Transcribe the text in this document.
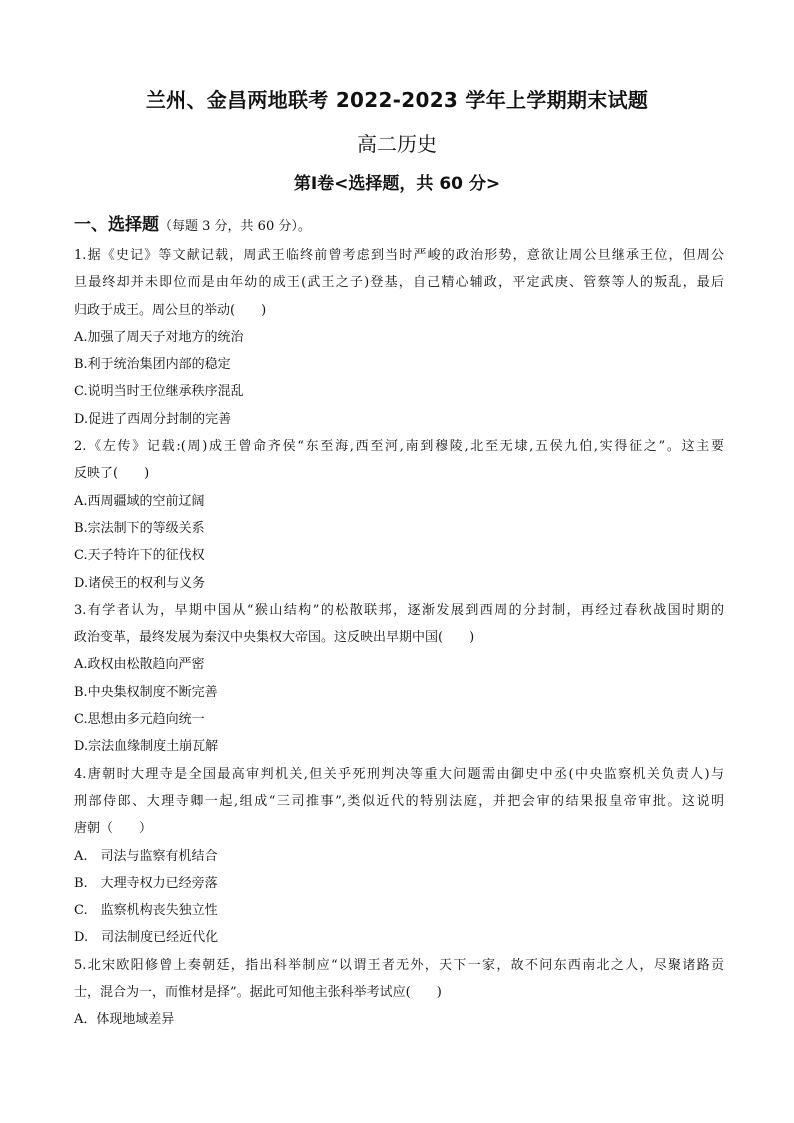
兰州、金昌两地联考 2022-2023 学年上学期期末试题
高二历史
第Ⅰ卷<选择题，共 60 分>
一、选择题（每题 3 分，共 60 分）。
1.据《史记》等文献记载，周武王临终前曾考虑到当时严峻的政治形势，意欲让周公旦继承王位，但周公
旦最终却并未即位而是由年幼的成王(武王之子)登基，自己精心辅政，平定武庚、管蔡等人的叛乱，最后
归政于成王。周公旦的举动(　　)
A.加强了周天子对地方的统治
B.利于统治集团内部的稳定
C.说明当时王位继承秩序混乱
D.促进了西周分封制的完善
2.《左传》记载:(周)成王曾命齐侯“东至海,西至河,南到穆陵,北至无埭,五侯九伯,实得征之”。这主要
反映了(　　)
A.西周疆域的空前辽阔
B.宗法制下的等级关系
C.天子特许下的征伐权
D.诸侯王的权利与义务
3.有学者认为，早期中国从“猴山结构”的松散联邦，逐渐发展到西周的分封制，再经过春秋战国时期的
政治变革，最终发展为秦汉中央集权大帝国。这反映出早期中国(　　)
A.政权由松散趋向严密
B.中央集权制度不断完善
C.思想由多元趋向统一
D.宗法血缘制度土崩瓦解
4.唐朝时大理寺是全国最高审判机关,但关乎死刑判决等重大问题需由御史中丞(中央监察机关负责人)与
刑部侍郎、大理寺卿一起,组成“三司推事”,类似近代的特别法庭，并把会审的结果报皇帝审批。这说明
唐朝（　　）
A.　司法与监察有机结合
B.　大理寺权力已经旁落
C.　监察机构丧失独立性
D.　司法制度已经近代化
5.北宋欧阳修曾上奏朝廷，指出科举制应“以谓王者无外，天下一家，故不问东西南北之人，尽聚诸路贡
士，混合为一，而惟材是择”。据此可知他主张科举考试应(　　)
A．体现地域差异
